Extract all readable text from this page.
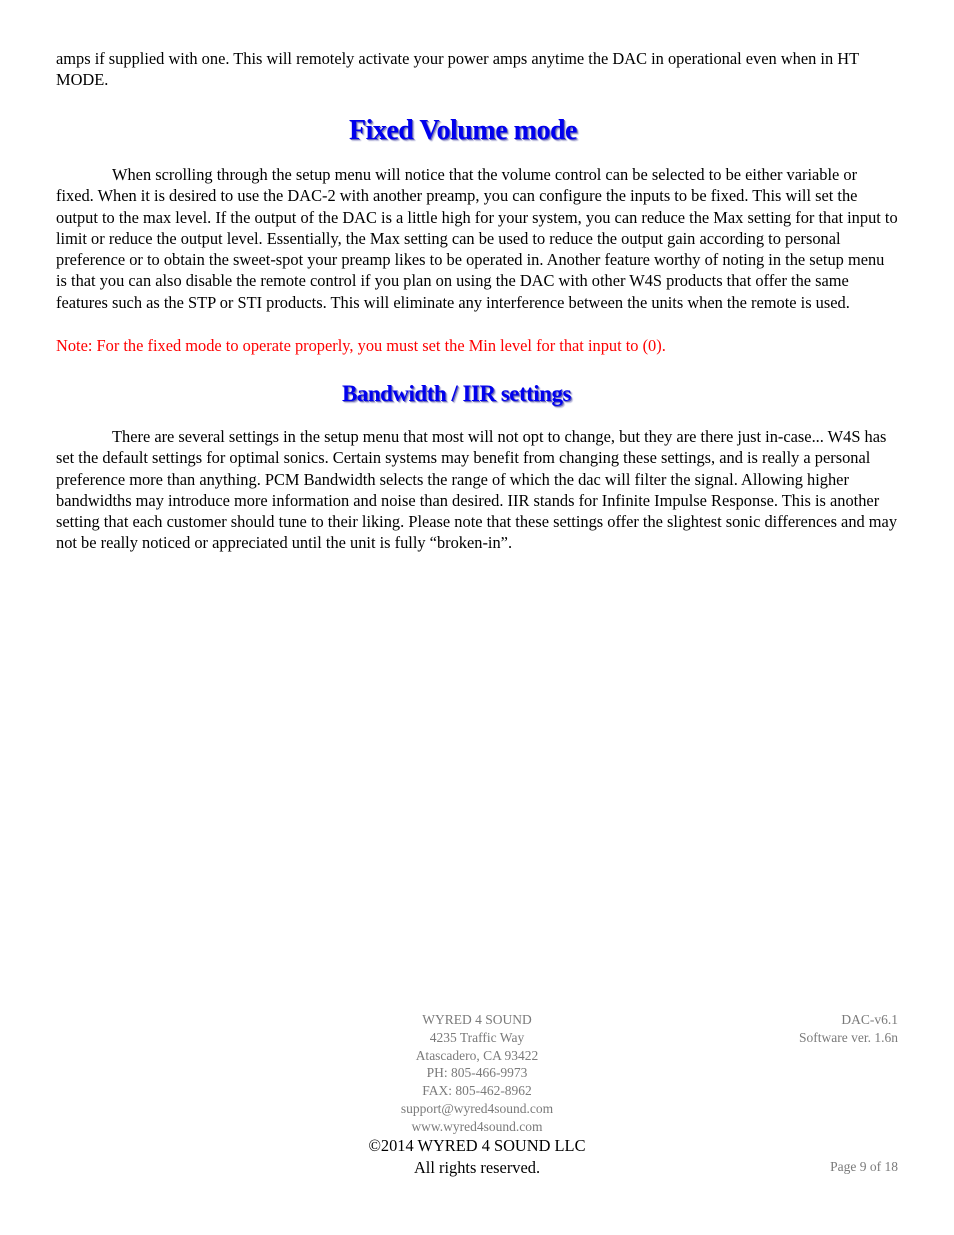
amps if supplied with one. This will remotely activate your power amps anytime the DAC in operational even when in HT MODE.

Fixed Volume mode

When scrolling through the setup menu will notice that the volume control can be selected to be either variable or fixed. When it is desired to use the DAC-2 with another preamp, you can configure the inputs to be fixed. This will set the output to the max level. If the output of the DAC is a little high for your system, you can reduce the Max setting for that input to limit or reduce the output level. Essentially, the Max setting can be used to reduce the output gain according to personal preference or to obtain the sweet-spot your preamp likes to be operated in. Another feature worthy of noting in the setup menu is that you can also disable the remote control if you plan on using the DAC with other W4S products that offer the same features such as the STP or STI products. This will eliminate any interference between the units when the remote is used.

Note: For the fixed mode to operate properly, you must set the Min level for that input to (0).

Bandwidth / IIR settings

There are several settings in the setup menu that most will not opt to change, but they are there just in-case... W4S has set the default settings for optimal sonics. Certain systems may benefit from changing these settings, and is really a personal preference more than anything. PCM Bandwidth selects the range of which the dac will filter the signal. Allowing higher bandwidths may introduce more information and noise than desired. IIR stands for Infinite Impulse Response. This is another setting that each customer should tune to their liking. Please note that these settings offer the slightest sonic differences and may not be really noticed or appreciated until the unit is fully “broken-in”.

WYRED 4 SOUND
4235 Traffic Way
Atascadero, CA 93422
PH: 805-466-9973
FAX: 805-462-8962
support@wyred4sound.com
www.wyred4sound.com
©2014 WYRED 4 SOUND LLC
All rights reserved.
DAC-v6.1
Software ver. 1.6n
Page 9 of 18
